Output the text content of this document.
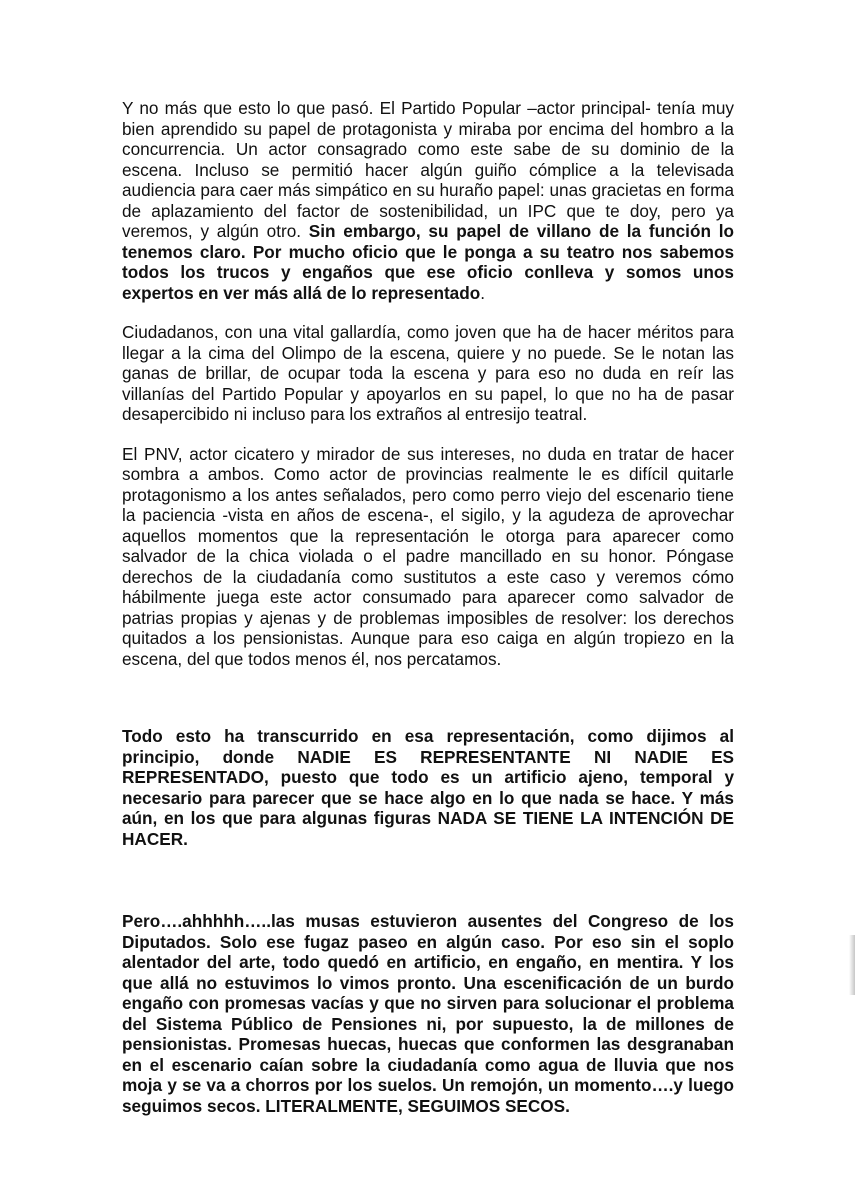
Y no más que esto lo que pasó. El Partido Popular –actor principal- tenía muy bien aprendido su papel de protagonista y miraba por encima del hombro a la concurrencia. Un actor consagrado como este sabe de su dominio de la escena. Incluso se permitió hacer algún guiño cómplice a la televisada audiencia para caer más simpático en su huraño papel: unas gracietas en forma de aplazamiento del factor de sostenibilidad, un IPC que te doy, pero ya veremos, y algún otro. Sin embargo, su papel de villano de la función lo tenemos claro. Por mucho oficio que le ponga a su teatro nos sabemos todos los trucos y engaños que ese oficio conlleva y somos unos expertos en ver más allá de lo representado.

Ciudadanos, con una vital gallardía, como joven que ha de hacer méritos para llegar a la cima del Olimpo de la escena, quiere y no puede. Se le notan las ganas de brillar, de ocupar toda la escena y para eso no duda en reír las villanías del Partido Popular y apoyarlos en su papel, lo que no ha de pasar desapercibido ni incluso para los extraños al entresijo teatral.

El PNV, actor cicatero y mirador de sus intereses, no duda en tratar de hacer sombra a ambos. Como actor de provincias realmente le es difícil quitarle protagonismo a los antes señalados, pero como perro viejo del escenario tiene la paciencia -vista en años de escena-, el sigilo, y la agudeza de aprovechar aquellos momentos que la representación le otorga para aparecer como salvador de la chica violada o el padre mancillado en su honor. Póngase derechos de la ciudadanía como sustitutos a este caso y veremos cómo hábilmente juega este actor consumado para aparecer como salvador de patrias propias y ajenas y de problemas imposibles de resolver: los derechos quitados a los pensionistas. Aunque para eso caiga en algún tropiezo en la escena, del que todos menos él, nos percatamos.

Todo esto ha transcurrido en esa representación, como dijimos al principio, donde NADIE ES REPRESENTANTE NI NADIE ES REPRESENTADO, puesto que todo es un artificio ajeno, temporal y necesario para parecer que se hace algo en lo que nada se hace. Y más aún, en los que para algunas figuras NADA SE TIENE LA INTENCIÓN DE HACER.

Pero….ahhhhh…..las musas estuvieron ausentes del Congreso de los Diputados. Solo ese fugaz paseo en algún caso. Por eso sin el soplo alentador del arte, todo quedó en artificio, en engaño, en mentira. Y los que allá no estuvimos lo vimos pronto. Una escenificación de un burdo engaño con promesas vacías y que no sirven para solucionar el problema del Sistema Público de Pensiones ni, por supuesto, la de millones de pensionistas. Promesas huecas, huecas que conformen las desgranaban en el escenario caían sobre la ciudadanía como agua de lluvia que nos moja y se va a chorros por los suelos. Un remojón, un momento….y luego seguimos secos. LITERALMENTE, SEGUIMOS SECOS.
